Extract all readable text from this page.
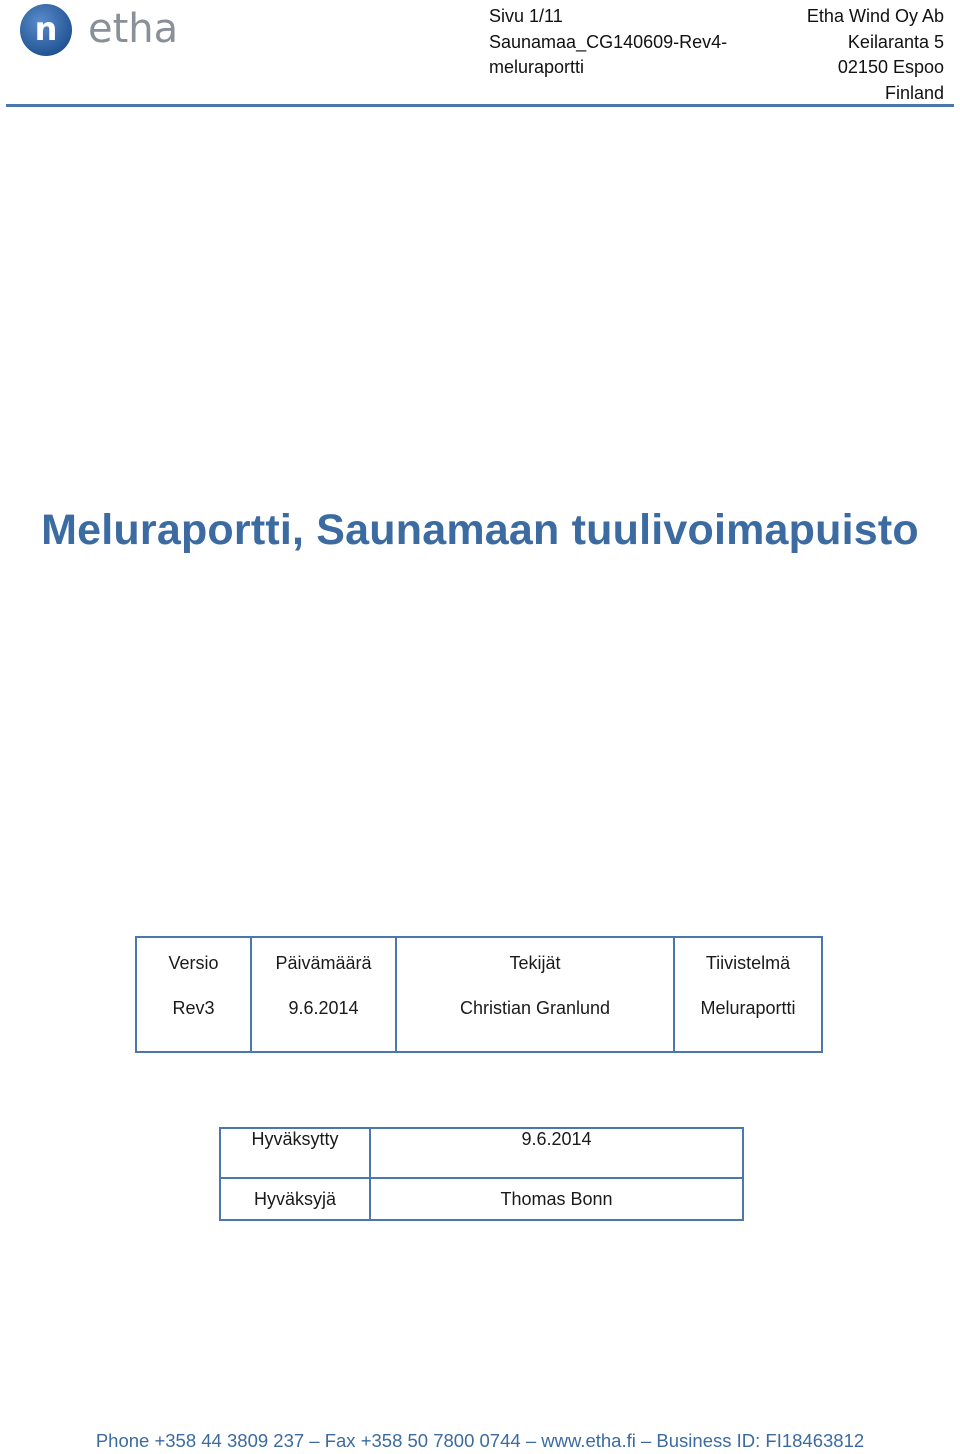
n etha	Sivu 1/11
Saunamaa_CG140609-Rev4-
meluraportti
Etha Wind Oy Ab
Keilaranta 5
02150 Espoo
Finland
Meluraportti, Saunamaan tuulivoimapuisto
Versio	Päivämäärä	Tekijät	Tiivistelmä

Rev3	9.6.2014	Christian Granlund	Meluraportti
Hyväksytty	9.6.2014
Hyväksyjä	Thomas Bonn
Phone +358 44 3809 237 – Fax +358 50 7800 0744 – www.etha.fi – Business ID: FI18463812
